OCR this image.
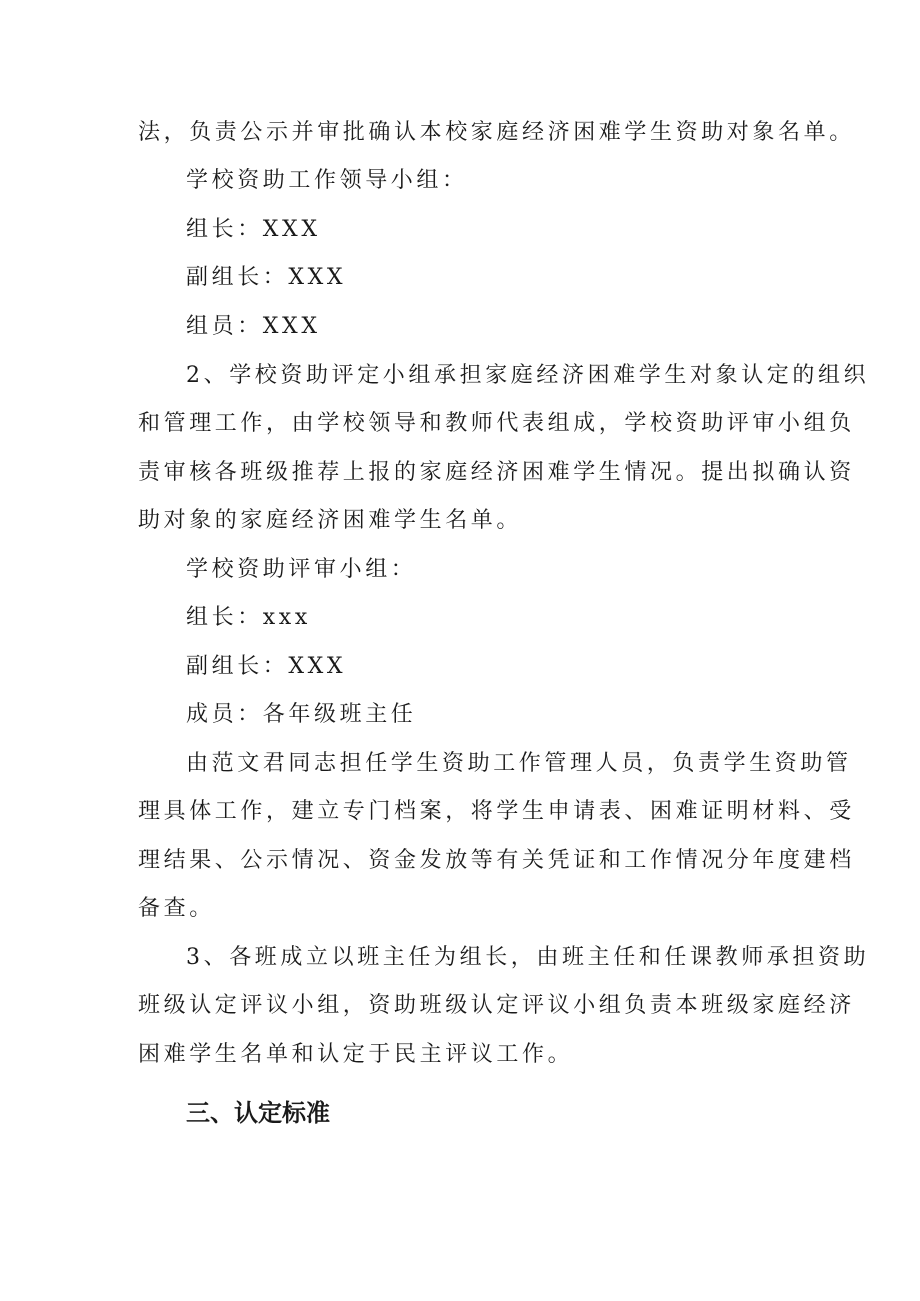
法，负责公示并审批确认本校家庭经济困难学生资助对象名单。
学校资助工作领导小组：
组长：XXX
副组长：XXX
组员：XXX
2、学校资助评定小组承担家庭经济困难学生对象认定的组织
和管理工作，由学校领导和教师代表组成，学校资助评审小组负
责审核各班级推荐上报的家庭经济困难学生情况。提出拟确认资
助对象的家庭经济困难学生名单。
学校资助评审小组：
组长：xxx
副组长：XXX
成员：各年级班主任
由范文君同志担任学生资助工作管理人员，负责学生资助管
理具体工作，建立专门档案，将学生申请表、困难证明材料、受
理结果、公示情况、资金发放等有关凭证和工作情况分年度建档
备查。
3、各班成立以班主任为组长，由班主任和任课教师承担资助
班级认定评议小组，资助班级认定评议小组负责本班级家庭经济
困难学生名单和认定于民主评议工作。
三、认定标准
